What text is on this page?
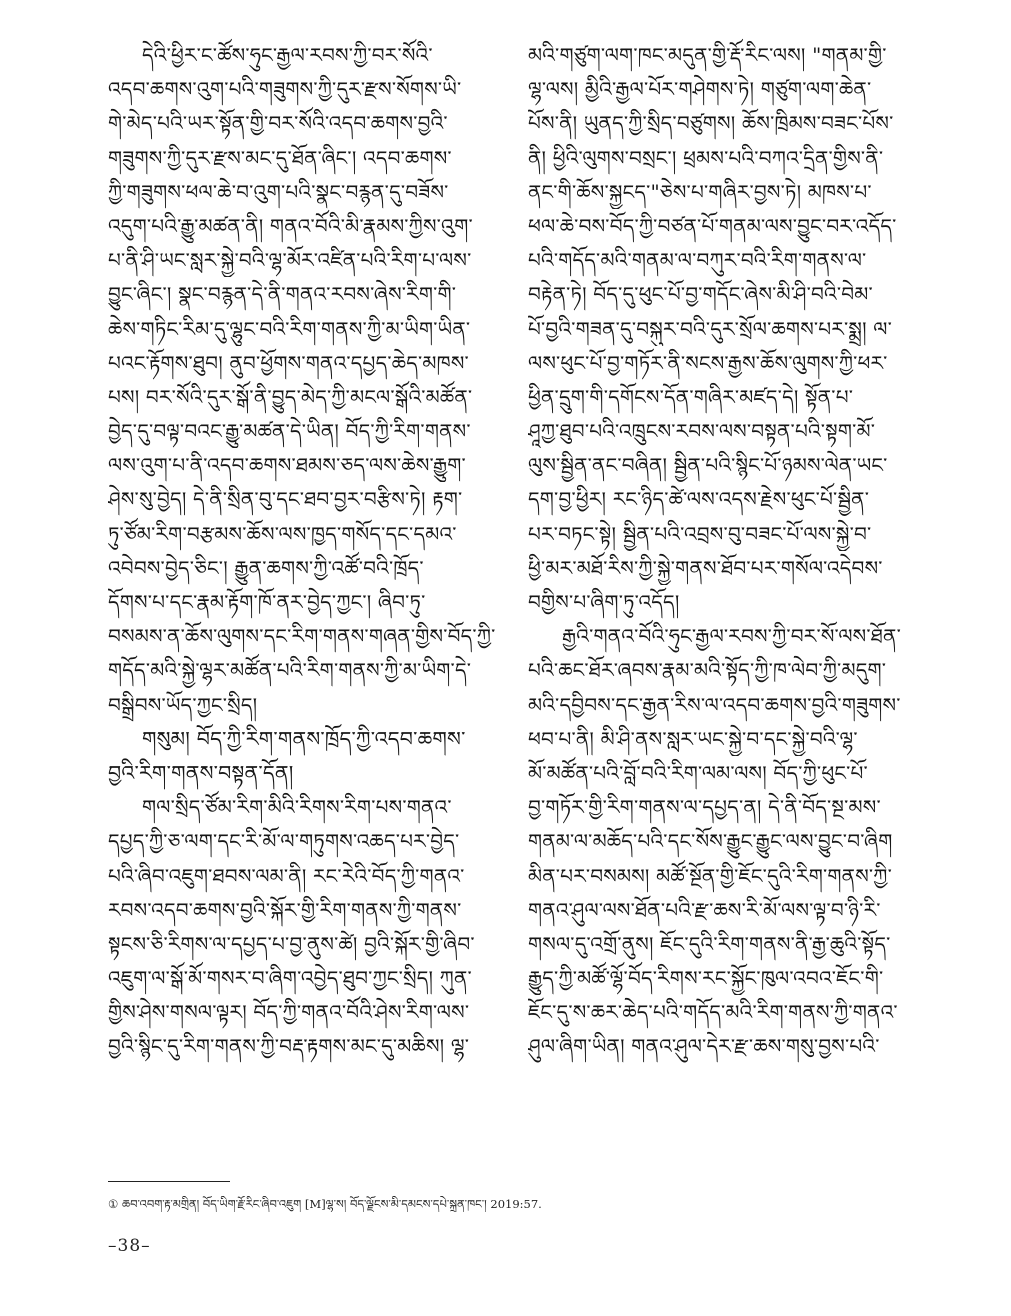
དེའི་ཕྱིར་ང་ཚོས་ཧུང་རྒྱལ་རབས་ཀྱི་བར་སོའི་
འདབ་ཆགས་འུག་པའི་གཟུགས་ཀྱི་དུར་རྫས་སོགས་ཡི་
གེ་མེད་པའི་ཡར་སྟོན་གྱི་བར་སོའི་འདབ་ཆགས་བྱའི་
གཟུགས་ཀྱི་དུར་རྫས་མང་དུ་ཐོན་ཞིང་། འདབ་ཆགས་
ཀྱི་གཟུགས་ཕལ་ཆེ་བ་འུག་པའི་སྣང་བརྙན་དུ་བཟོས་
འདུག་པའི་རྒྱུ་མཚན་ནི། གནའ་བོའི་མི་རྣམས་ཀྱིས་འུག་
པ་ནི་ཤི་ཡང་སླར་སྐྱེ་བའི་ལྷ་མོར་འཛིན་པའི་རིག་པ་ལས་
བྱུང་ཞིང་། སྣང་བརྙན་དེ་ནི་གནའ་རབས་ཞེས་རིག་གི་
ཆེས་གཏིང་རིམ་དུ་ལྷུང་བའི་རིག་གནས་ཀྱི་མ་ཡིག་ཡིན་
པའང་རྟོགས་ཐུབ། ནུབ་ཕྱོགས་གནའ་དཔྱད་ཆེད་མཁས་
པས། བར་སོའི་དུར་སྒོ་ནི་བྱུད་མེད་ཀྱི་མངལ་སྒོའི་མཚོན་
བྱེད་དུ་བལྟ་བའང་རྒྱུ་མཚན་དེ་ཡིན། བོད་ཀྱི་རིག་གནས་
ལས་འུག་པ་ནི་འདབ་ཆགས་ཐམས་ཅད་ལས་ཆེས་རྒྱུག་
ཤེས་སུ་བྱེད། དེ་ནི་སྲིན་བུ་དང་ཐབ་བྱར་བརྩིས་ཏེ། རྟག་
ཏུ་ཙོམ་རིག་བརྩམས་ཆོས་ལས་ཁྱད་གསོད་དང་དམའ་
འབེབས་བྱེད་ཅིང་། རྒྱུན་ཆགས་ཀྱི་འཚོ་བའི་ཁྲོད་
དོགས་པ་དང་རྣམ་རྟོག་ཁོ་ནར་བྱེད་ཀྱང་། ཞིབ་ཏུ་
བསམས་ན་ཆོས་ལུགས་དང་རིག་གནས་གཞན་གྱིས་བོད་ཀྱི་
གདོད་མའི་སྐྱེ་ལྷར་མཚོན་པའི་རིག་གནས་ཀྱི་མ་ཡིག་དེ་
བསྒྲིབས་ཡོད་ཀྱང་སྲིད།
གསུམ། བོད་ཀྱི་རིག་གནས་ཁྲོད་ཀྱི་འདབ་ཆགས་
བྱའི་རིག་གནས་བསྟན་དོན།
གལ་སྲིད་ཙོམ་རིག་མིའི་རིགས་རིག་པས་གནའ་
དཔྱད་ཀྱི་ཅ་ལག་དང་རི་མོ་ལ་གཏུགས་འཆད་པར་བྱེད་
པའི་ཞིབ་འཇུག་ཐབས་ལམ་ནི། རང་རེའི་བོད་ཀྱི་གནའ་
རབས་འདབ་ཆགས་བྱའི་སྐོར་གྱི་རིག་གནས་ཀྱི་གནས་
སྟངས་ཅི་རིགས་ལ་དཔྱད་པ་བྱ་ནུས་ཚེ། བྱའི་སྐོར་གྱི་ཞིབ་
འཇུག་ལ་སྒོ་མོ་གསར་བ་ཞིག་འབྱེད་ཐུབ་ཀྱང་སྲིད། ཀུན་
གྱིས་ཤེས་གསལ་ལྟར། བོད་ཀྱི་གནའ་བོའི་ཤེས་རིག་ལས་
བྱའི་སྙིང་དུ་རིག་གནས་ཀྱི་བརྡ་རྟགས་མང་དུ་མཆིས། ལྷ་
མའི་གཙུག་ལག་ཁང་མདུན་གྱི་རྡོ་རིང་ལས། "གནམ་གྱི་
ལྷ་ལས། མྱིའི་རྒྱལ་པོར་གཤེགས་ཏེ། གཙུག་ལག་ཆེན་
པོས་ནི། ཡུནད་ཀྱི་སྲིད་བཙུགས། ཆོས་ཁྲིམས་བཟང་པོས་
ནི། ཕྱིའི་ལུགས་བསྲང་། ཕྲམས་པའི་བཀའ་དྲིན་གྱིས་ནི་
ནང་གི་ཆོས་སྐྱངད་"ཅེས་པ་གཞིར་བྱས་ཏེ། མཁས་པ་
ཕལ་ཆེ་བས་བོད་ཀྱི་བཙན་པོ་གནམ་ལས་བྱུང་བར་འདོད་
པའི་གདོད་མའི་གནམ་ལ་བཀུར་བའི་རིག་གནས་ལ་
བརྟེན་ཏེ། བོད་དུ་ཕུང་པོ་བྱ་གདོང་ཞེས་མི་ཤི་བའི་བེམ་
པོ་བྱའི་གཟན་དུ་བསྐུར་བའི་དུར་སྲོལ་ཆགས་པར་སྨྲ། ལ་
ལས་ཕུང་པོ་བྱ་གཏོར་ནི་སངས་རྒྱས་ཆོས་ལུགས་ཀྱི་ཕར་
ཕྱིན་དྲུག་གི་དགོངས་དོན་གཞིར་མཛད་དེ། སྟོན་པ་
ཤཱཀྱ་ཐུབ་པའི་འཁྲུངས་རབས་ལས་བསྟན་པའི་སྟག་མོ་
ལུས་སྦྱིན་ནང་བཞིན། སྦྱིན་པའི་སྙིང་པོ་ཉམས་ལེན་ཡང་
དག་བྱ་ཕྱིར། རང་ཉིད་ཚེ་ལས་འདས་རྗེས་ཕུང་པོ་སྦྱིན་
པར་བཏང་སྟེ། སྦྱིན་པའི་འབྲས་བུ་བཟང་པོ་ལས་སྐྱེ་བ་
ཕྱི་མར་མཐོ་རིས་ཀྱི་སྐྱེ་གནས་ཐོབ་པར་གསོལ་འདེབས་
བགྱིས་པ་ཞིག་ཏུ་འདོད།
རྒྱའི་གནའ་བོའི་ཧུང་རྒྱལ་རབས་ཀྱི་བར་སོ་ལས་ཐོན་
པའི་ཆང་ཐོར་ཞབས་རྣམ་མའི་སྟོད་ཀྱི་ཁ་ལེབ་ཀྱི་མདུག་
མའི་དབྱིབས་དང་རྒྱན་རིས་ལ་འདབ་ཆགས་བྱའི་གཟུགས་
ཕབ་པ་ནི། མི་ཤི་ནས་སླར་ཡང་སྐྱེ་བ་དང་སྐྱེ་བའི་ལྷ་
མོ་མཚོན་པའི་བློ་བའི་རིག་ལམ་ལས། བོད་ཀྱི་ཕུང་པོ་
བྱ་གཏོར་གྱི་རིག་གནས་ལ་དཔྱད་ན། དེ་ནི་བོད་སྔ་མས་
གནམ་ལ་མཆོད་པའི་དང་སོས་རྒྱུང་རྒྱུང་ལས་བྱུང་བ་ཞིག
མིན་པར་བསམས། མཚོ་སྔོན་གྱི་ཇོང་དུའི་རིག་གནས་ཀྱི་
གནའ་ཤུལ་ལས་ཐོན་པའི་རྫ་ཆས་རི་མོ་ལས་ལྟ་བ་ཉི་རི་
གསལ་དུ་འགྲོ་ནུས། ཇོང་དུའི་རིག་གནས་ནི་རྒྱ་ཆུའི་སྟོད་
རྒྱུད་ཀྱི་མཚོ་ལྷོ་བོད་རིགས་རང་སྐྱོང་ཁུལ་འབའ་ཇོང་གི་
ཇོང་དུ་ས་ཆར་ཆེད་པའི་གདོད་མའི་རིག་གནས་ཀྱི་གནའ་
ཤུལ་ཞིག་ཡིན། གནའ་ཤུལ་དེར་རྫ་ཆས་གསུ་བྱས་པའི་
① ཆབ་འབག་རྟ་མགྲིན། བོད་ཡིག་རྗོ་རིང་ཞིབ་འཇུག [M]ལྷ་ས། བོད་ལྗོངས་མི་དམངས་དཔེ་སྐྲུན་ཁང་། 2019:57.
–38–
